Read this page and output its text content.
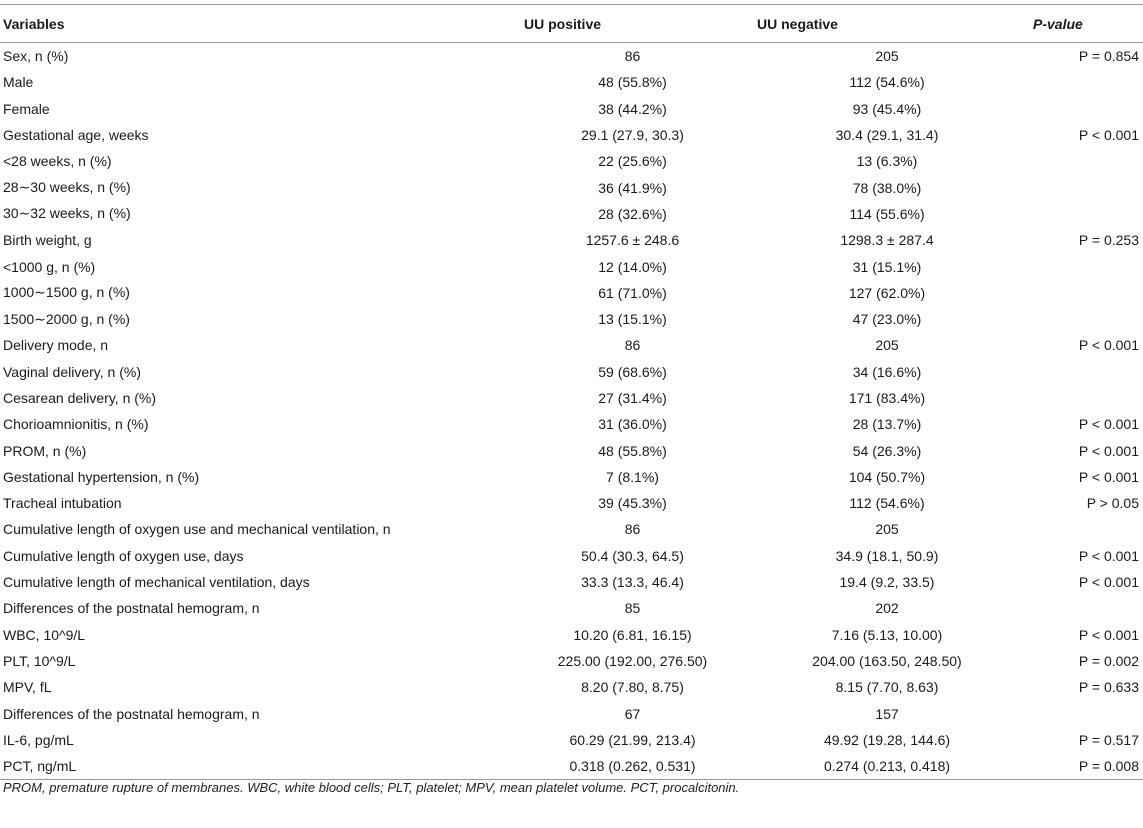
Variables	UU positive	UU negative	P-value
Sex, n (%)	86	205	P = 0.854
Male	48 (55.8%)	112 (54.6%)	
Female	38 (44.2%)	93 (45.4%)	
Gestational age, weeks	29.1 (27.9, 30.3)	30.4 (29.1, 31.4)	P < 0.001
<28 weeks, n (%)	22 (25.6%)	13 (6.3%)	
28∼30 weeks, n (%)	36 (41.9%)	78 (38.0%)	
30∼32 weeks, n (%)	28 (32.6%)	114 (55.6%)	
Birth weight, g	1257.6 ± 248.6	1298.3 ± 287.4	P = 0.253
<1000 g, n (%)	12 (14.0%)	31 (15.1%)	
1000∼1500 g, n (%)	61 (71.0%)	127 (62.0%)	
1500∼2000 g, n (%)	13 (15.1%)	47 (23.0%)	
Delivery mode, n	86	205	P < 0.001
Vaginal delivery, n (%)	59 (68.6%)	34 (16.6%)	
Cesarean delivery, n (%)	27 (31.4%)	171 (83.4%)	
Chorioamnionitis, n (%)	31 (36.0%)	28 (13.7%)	P < 0.001
PROM, n (%)	48 (55.8%)	54 (26.3%)	P < 0.001
Gestational hypertension, n (%)	7 (8.1%)	104 (50.7%)	P < 0.001
Tracheal intubation	39 (45.3%)	112 (54.6%)	P > 0.05
Cumulative length of oxygen use and mechanical ventilation, n	86	205	
Cumulative length of oxygen use, days	50.4 (30.3, 64.5)	34.9 (18.1, 50.9)	P < 0.001
Cumulative length of mechanical ventilation, days	33.3 (13.3, 46.4)	19.4 (9.2, 33.5)	P < 0.001
Differences of the postnatal hemogram, n	85	202	
WBC, 10^9/L	10.20 (6.81, 16.15)	7.16 (5.13, 10.00)	P < 0.001
PLT, 10^9/L	225.00 (192.00, 276.50)	204.00 (163.50, 248.50)	P = 0.002
MPV, fL	8.20 (7.80, 8.75)	8.15 (7.70, 8.63)	P = 0.633
Differences of the postnatal hemogram, n	67	157	
IL-6, pg/mL	60.29 (21.99, 213.4)	49.92 (19.28, 144.6)	P = 0.517
PCT, ng/mL	0.318 (0.262, 0.531)	0.274 (0.213, 0.418)	P = 0.008
PROM, premature rupture of membranes. WBC, white blood cells; PLT, platelet; MPV, mean platelet volume. PCT, procalcitonin.
